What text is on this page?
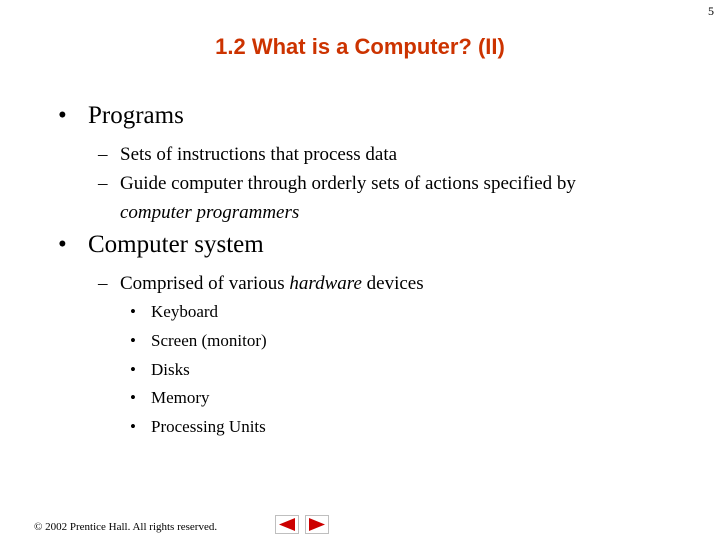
5
1.2 What is a Computer? (II)
• Programs
– Sets of instructions that process data
– Guide computer through orderly sets of actions specified by
computer programmers
• Computer system
– Comprised of various hardware devices
• Keyboard
• Screen (monitor)
• Disks
• Memory
• Processing Units
© 2002 Prentice Hall. All rights reserved.
